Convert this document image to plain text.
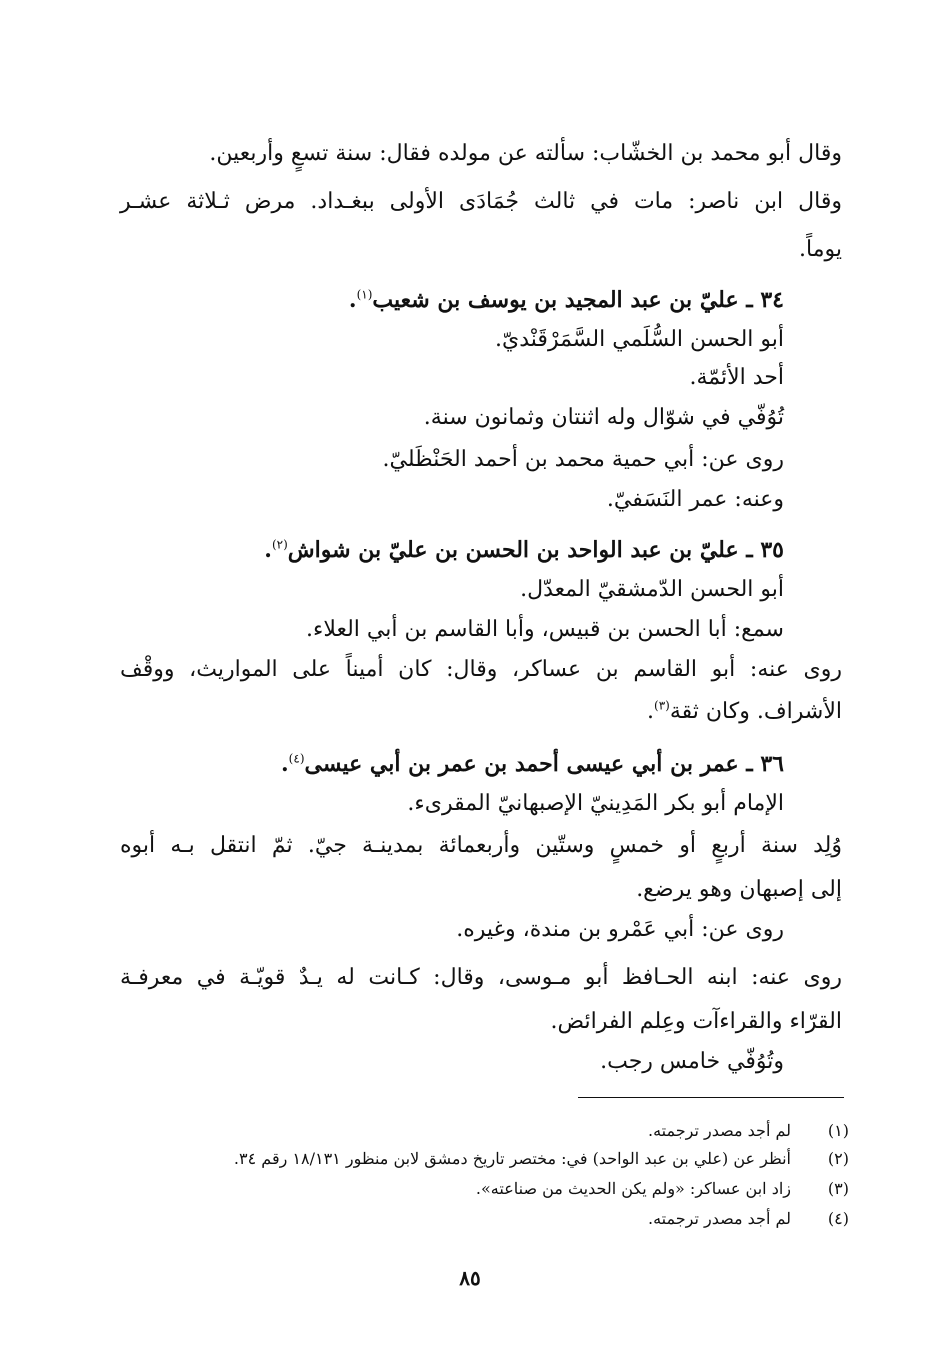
وقال أبو محمد بن الخشّاب: سألته عن مولده فقال: سنة تسعٍ وأربعين.
وقال ابن ناصر: مات في ثالث جُمَادَى الأولى ببغـداد. مرض ثـلاثة عشـر
يوماً.
٣٤ ـ عليّ بن عبد المجيد بن يوسف بن شعيب$^{(١)}$.
أبو الحسن السُّلَمي السَّمَرْقَنْديّ.
أحد الأئمّة.
تُوُفّي في شوّال وله اثنتان وثمانون سنة.
روى عن: أبي حمية محمد بن أحمد الحَنْظَليّ.
وعنه: عمر النَسَفيّ.
٣٥ ـ عليّ بن عبد الواحد بن الحسن بن عليّ بن شواش$^{(٢)}$.
أبو الحسن الدّمشقيّ المعدّل.
سمع: أبا الحسن بن قبيس، وأبا القاسم بن أبي العلاء.
روى عنه: أبو القاسم بن عساكر، وقال: كان أميناً على المواريث، ووقْف
الأشراف. وكان ثقة$^{(٣)}$.
٣٦ ـ عمر بن أبي عيسى أحمد بن عمر بن أبي عيسى$^{(٤)}$.
الإمام أبو بكر المَدِينيّ الإصبهانيّ المقرىء.
وُلِد سنة أربعٍ أو خمسٍ وستّين وأربعمائة بمدينـة جيّ. ثمّ انتقل بـه أبوه
إلى إصبهان وهو يرضع.
روى عن: أبي عَمْرو بن مندة، وغيره.
روى عنه: ابنه الحـافظ أبو مـوسى، وقال: كـانت له يـدٌ قويّـة في معرفـة
القرّاء والقراءآت وعِلم الفرائض.
وتُوُفّي خامس رجب.
(١)لم أجد مصدر ترجمته.
(٢)أنظر عن (علي بن عبد الواحد) في: مختصر تاريخ دمشق لابن منظور ١٨/١٣١ رقم ٣٤.
(٣)زاد ابن عساكر: «ولم يكن الحديث من صناعته».
(٤)لم أجد مصدر ترجمته.
٨٥
